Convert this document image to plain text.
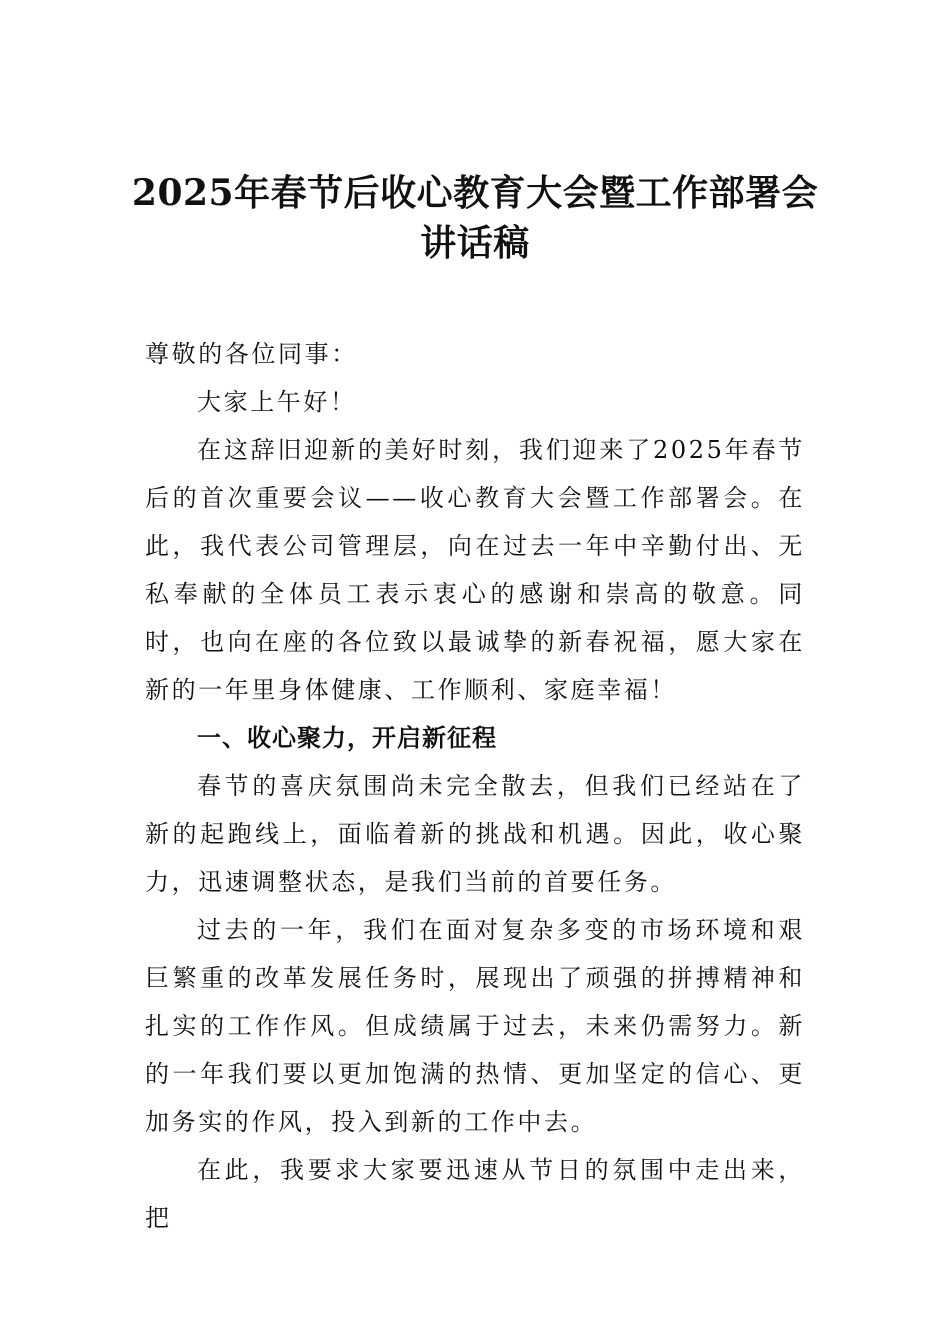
2025年春节后收心教育大会暨工作部署会
讲话稿

尊敬的各位同事：

大家上午好！

在这辞旧迎新的美好时刻，我们迎来了2025年春节后的首次重要会议——收心教育大会暨工作部署会。在此，我代表公司管理层，向在过去一年中辛勤付出、无私奉献的全体员工表示衷心的感谢和崇高的敬意。同时，也向在座的各位致以最诚挚的新春祝福，愿大家在新的一年里身体健康、工作顺利、家庭幸福！

一、收心聚力，开启新征程

春节的喜庆氛围尚未完全散去，但我们已经站在了新的起跑线上，面临着新的挑战和机遇。因此，收心聚力，迅速调整状态，是我们当前的首要任务。

过去的一年，我们在面对复杂多变的市场环境和艰巨繁重的改革发展任务时，展现出了顽强的拼搏精神和扎实的工作作风。但成绩属于过去，未来仍需努力。新的一年我们要以更加饱满的热情、更加坚定的信心、更加务实的作风，投入到新的工作中去。

在此，我要求大家要迅速从节日的氛围中走出来，把
